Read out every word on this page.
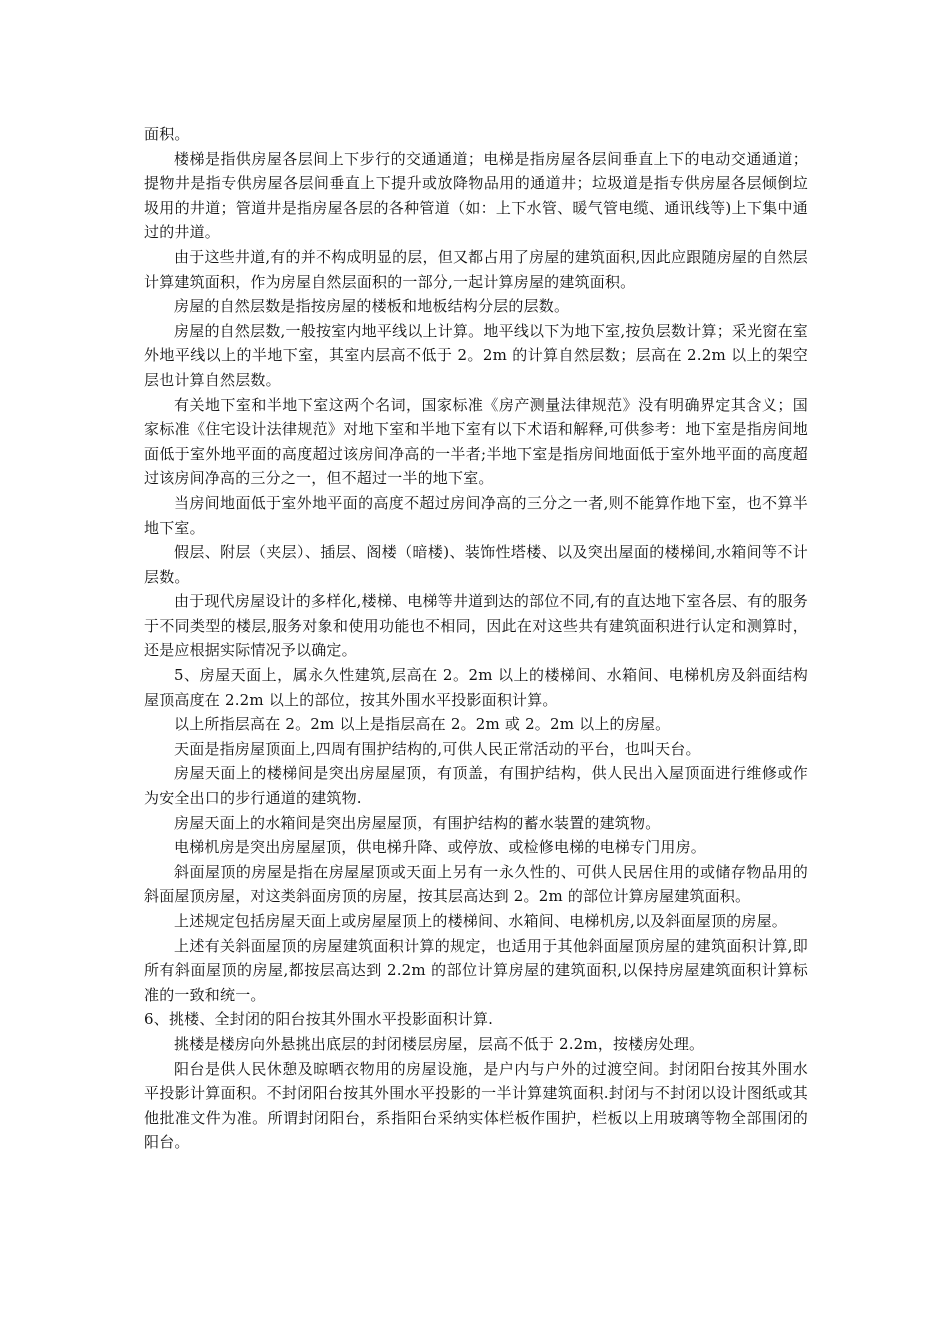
面积。

楼梯是指供房屋各层间上下步行的交通通道；电梯是指房屋各层间垂直上下的电动交通通道；提物井是指专供房屋各层间垂直上下提升或放降物品用的通道井；垃圾道是指专供房屋各层倾倒垃圾用的井道；管道井是指房屋各层的各种管道（如：上下水管、暖气管电缆、通讯线等)上下集中通过的井道。

由于这些井道,有的并不构成明显的层，但又都占用了房屋的建筑面积,因此应跟随房屋的自然层计算建筑面积，作为房屋自然层面积的一部分,一起计算房屋的建筑面积。

房屋的自然层数是指按房屋的楼板和地板结构分层的层数。

房屋的自然层数,一般按室内地平线以上计算。地平线以下为地下室,按负层数计算；采光窗在室外地平线以上的半地下室，其室内层高不低于 2。2m 的计算自然层数；层高在 2.2m 以上的架空层也计算自然层数。

有关地下室和半地下室这两个名词，国家标准《房产测量法律规范》没有明确界定其含义；国家标准《住宅设计法律规范》对地下室和半地下室有以下术语和解释,可供参考：地下室是指房间地面低于室外地平面的高度超过该房间净高的一半者;半地下室是指房间地面低于室外地平面的高度超过该房间净高的三分之一，但不超过一半的地下室。

当房间地面低于室外地平面的高度不超过房间净高的三分之一者,则不能算作地下室，也不算半地下室。

假层、附层（夹层）、插层、阁楼（暗楼)、装饰性塔楼、以及突出屋面的楼梯间,水箱间等不计层数。

由于现代房屋设计的多样化,楼梯、电梯等井道到达的部位不同,有的直达地下室各层、有的服务于不同类型的楼层,服务对象和使用功能也不相同，因此在对这些共有建筑面积进行认定和测算时，还是应根据实际情况予以确定。

5、房屋天面上，属永久性建筑,层高在 2。2m 以上的楼梯间、水箱间、电梯机房及斜面结构屋顶高度在 2.2m 以上的部位，按其外围水平投影面积计算。

以上所指层高在 2。2m 以上是指层高在 2。2m 或 2。2m 以上的房屋。

天面是指房屋顶面上,四周有围护结构的,可供人民正常活动的平台，也叫天台。

房屋天面上的楼梯间是突出房屋屋顶，有顶盖，有围护结构，供人民出入屋顶面进行维修或作为安全出口的步行通道的建筑物.

房屋天面上的水箱间是突出房屋屋顶，有围护结构的蓄水装置的建筑物。

电梯机房是突出房屋屋顶，供电梯升降、或停放、或检修电梯的电梯专门用房。

斜面屋顶的房屋是指在房屋屋顶或天面上另有一永久性的、可供人民居住用的或储存物品用的斜面屋顶房屋，对这类斜面房顶的房屋，按其层高达到 2。2m 的部位计算房屋建筑面积。

上述规定包括房屋天面上或房屋屋顶上的楼梯间、水箱间、电梯机房,以及斜面屋顶的房屋。

上述有关斜面屋顶的房屋建筑面积计算的规定，也适用于其他斜面屋顶房屋的建筑面积计算,即所有斜面屋顶的房屋,都按层高达到 2.2m 的部位计算房屋的建筑面积,以保持房屋建筑面积计算标准的一致和统一。

6、挑楼、全封闭的阳台按其外围水平投影面积计算.

挑楼是楼房向外悬挑出底层的封闭楼层房屋，层高不低于 2.2m，按楼房处理。

阳台是供人民休憩及晾晒衣物用的房屋设施，是户内与户外的过渡空间。封闭阳台按其外围水平投影计算面积。不封闭阳台按其外围水平投影的一半计算建筑面积.封闭与不封闭以设计图纸或其他批准文件为准。所谓封闭阳台，系指阳台采纳实体栏板作围护，栏板以上用玻璃等物全部围闭的阳台。
